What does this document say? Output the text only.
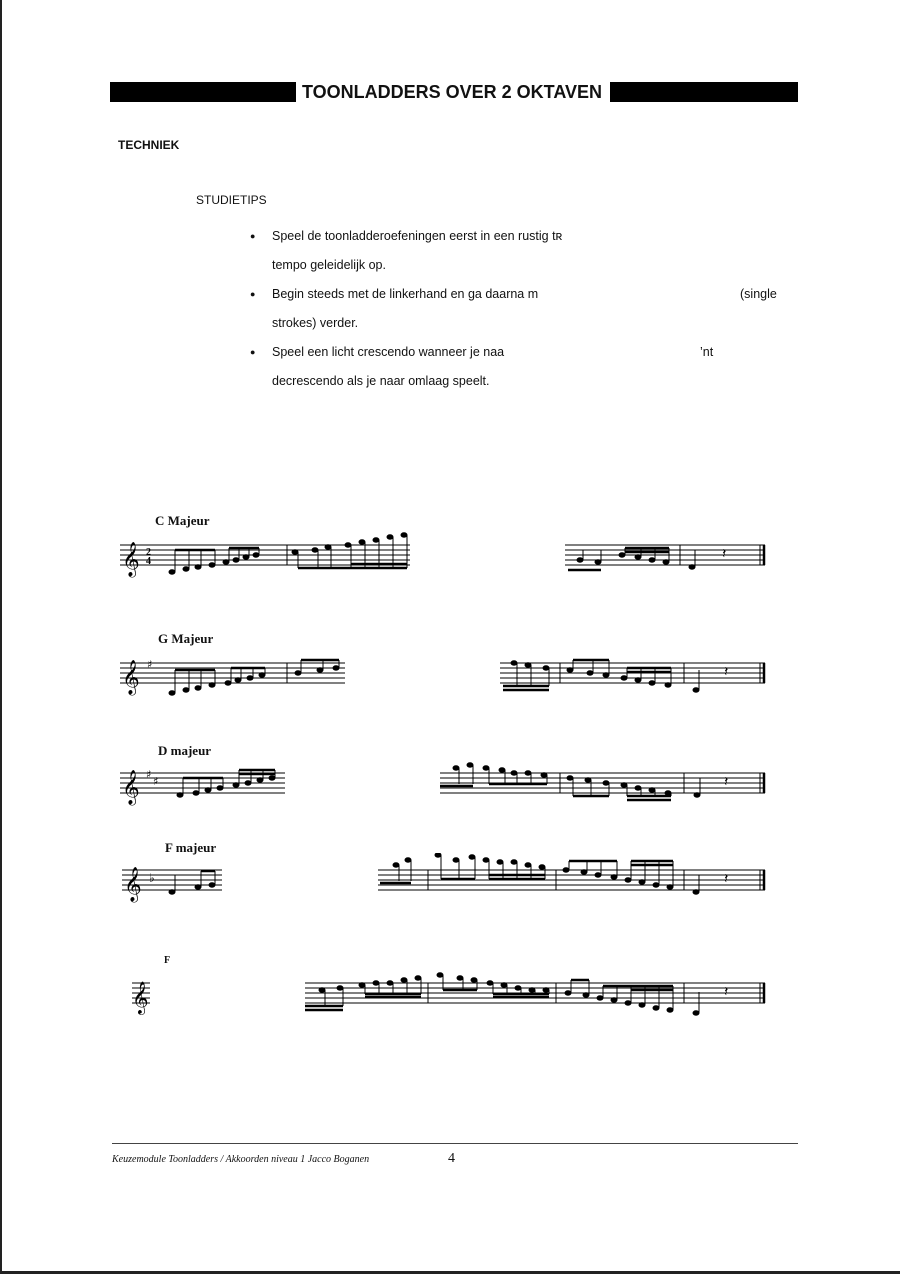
TOONLADDERS OVER 2 OKTAVEN
TECHNIEK
STUDIETIPS
● Speel de toonladderoefeningen eerst in een rustig tʀ
tempo geleidelijk op.
● Begin steeds met de linkerhand en ga daarna m	(single

strokes) verder.
● Speel een licht crescendo wanneer je naa	’nt

decrescendo als je naar omlaag speelt.
C Majeur
G Majeur
D majeur
F majeur
F
𝄞 2
4	𝄽
𝄞 ♯	𝄽
𝄞 ♯
♯	𝄽
𝄞 ♭	𝄽
𝄞	𝄽
Keuzemodule Toonladders / Akkoorden niveau 1 Jacco Boganen	4
